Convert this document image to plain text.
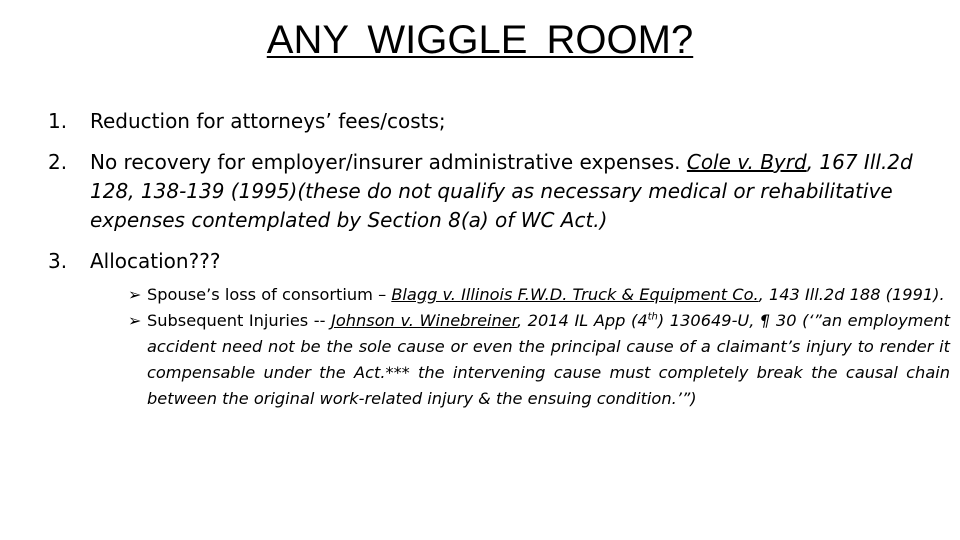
ANY WIGGLE ROOM?
1. Reduction for attorneys’ fees/costs;
2. No recovery for employer/insurer administrative expenses. Cole v. Byrd, 167 Ill.2d 128, 138-139 (1995)(these do not qualify as necessary medical or rehabilitative expenses contemplated by Section 8(a) of WC Act.)
3. Allocation???
➢ Spouse’s loss of consortium – Blagg v. Illinois F.W.D. Truck & Equipment Co., 143 Ill.2d 188 (1991).
➢ Subsequent Injuries -- Johnson v. Winebreiner, 2014 IL App (4th) 130649-U, ¶ 30 (‘”an employment accident need not be the sole cause or even the principal cause of a claimant’s injury to render it compensable under the Act.*** the intervening cause must completely break the causal chain between the original work-related injury & the ensuing condition.’”)
